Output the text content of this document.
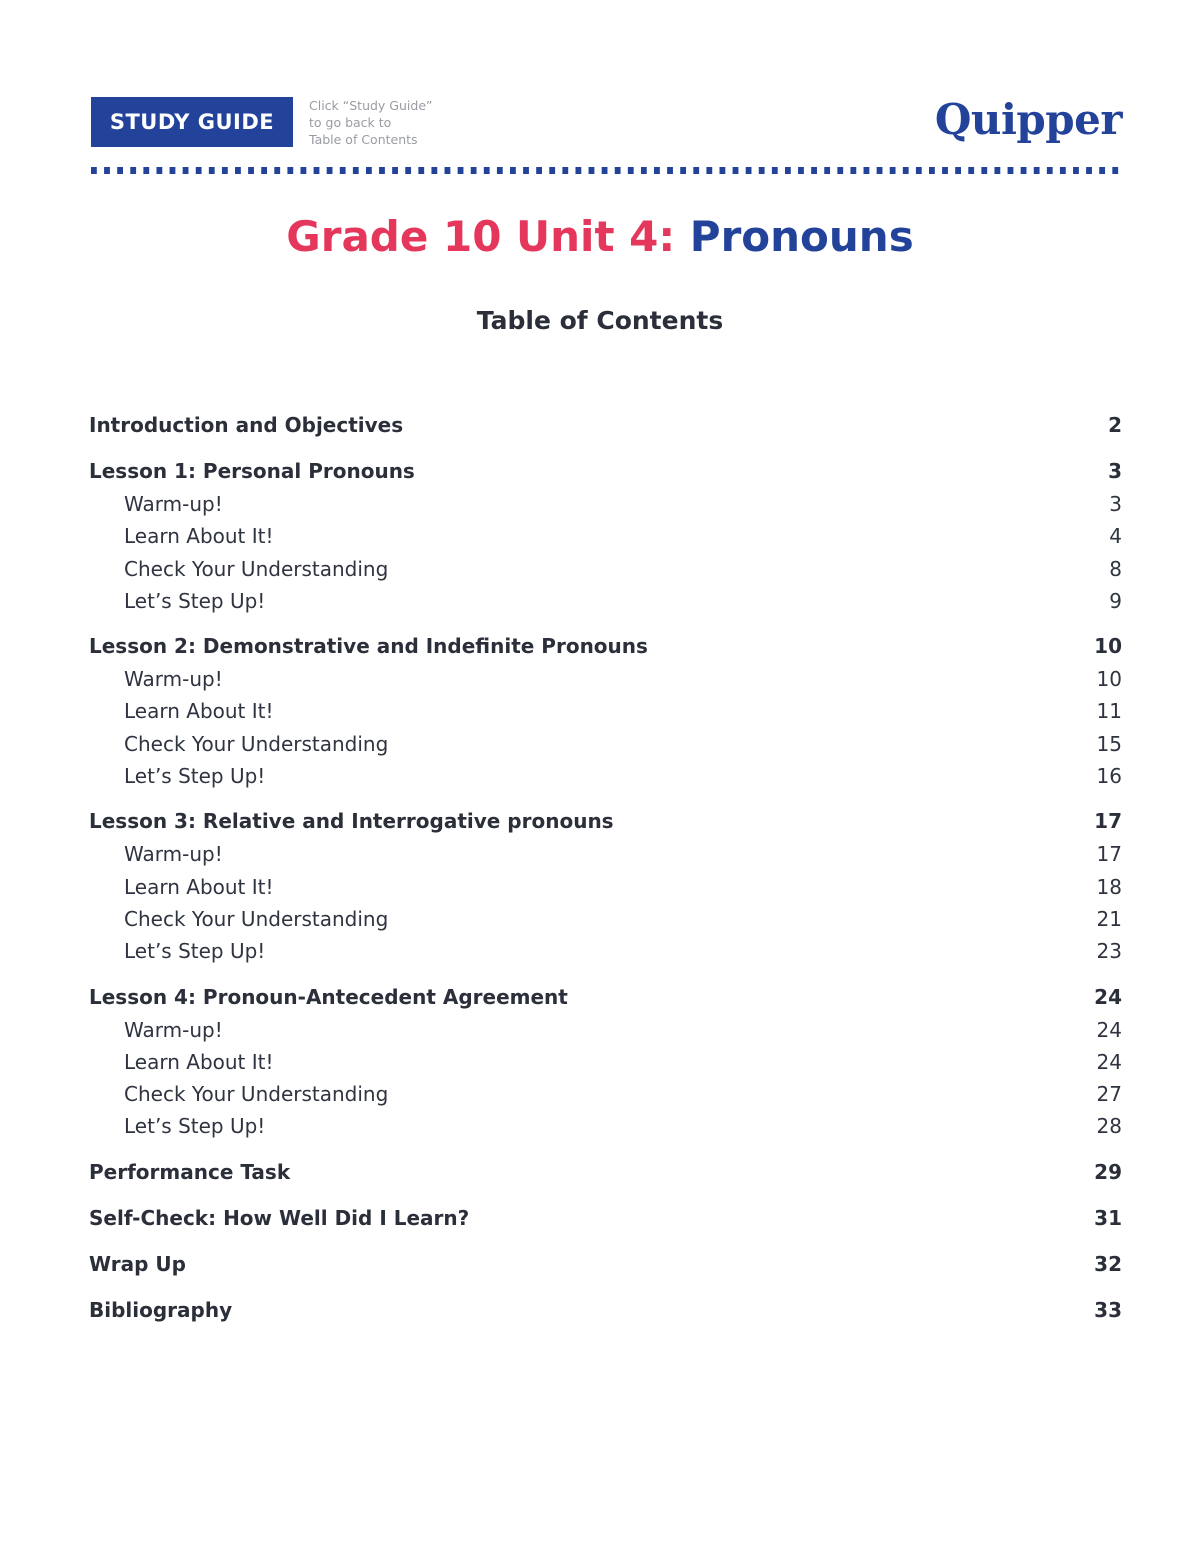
STUDY GUIDE
Click “Study Guide”
to go back to
Table of Contents	Quipper
Grade 10 Unit 4: Pronouns
Table of Contents
Introduction and Objectives	2
Lesson 1: Personal Pronouns	3
Warm-up!	3
Learn About It!	4
Check Your Understanding	8
Let’s Step Up!	9
Lesson 2: Demonstrative and Indefinite Pronouns	10
Warm-up!	10
Learn About It!	11
Check Your Understanding	15
Let’s Step Up!	16
Lesson 3: Relative and Interrogative pronouns	17
Warm-up!	17
Learn About It!	18
Check Your Understanding	21
Let’s Step Up!	23
Lesson 4: Pronoun-Antecedent Agreement	24
Warm-up!	24
Learn About It!	24
Check Your Understanding	27
Let’s Step Up!	28
Performance Task	29
Self-Check: How Well Did I Learn?	31
Wrap Up	32
Bibliography	33
